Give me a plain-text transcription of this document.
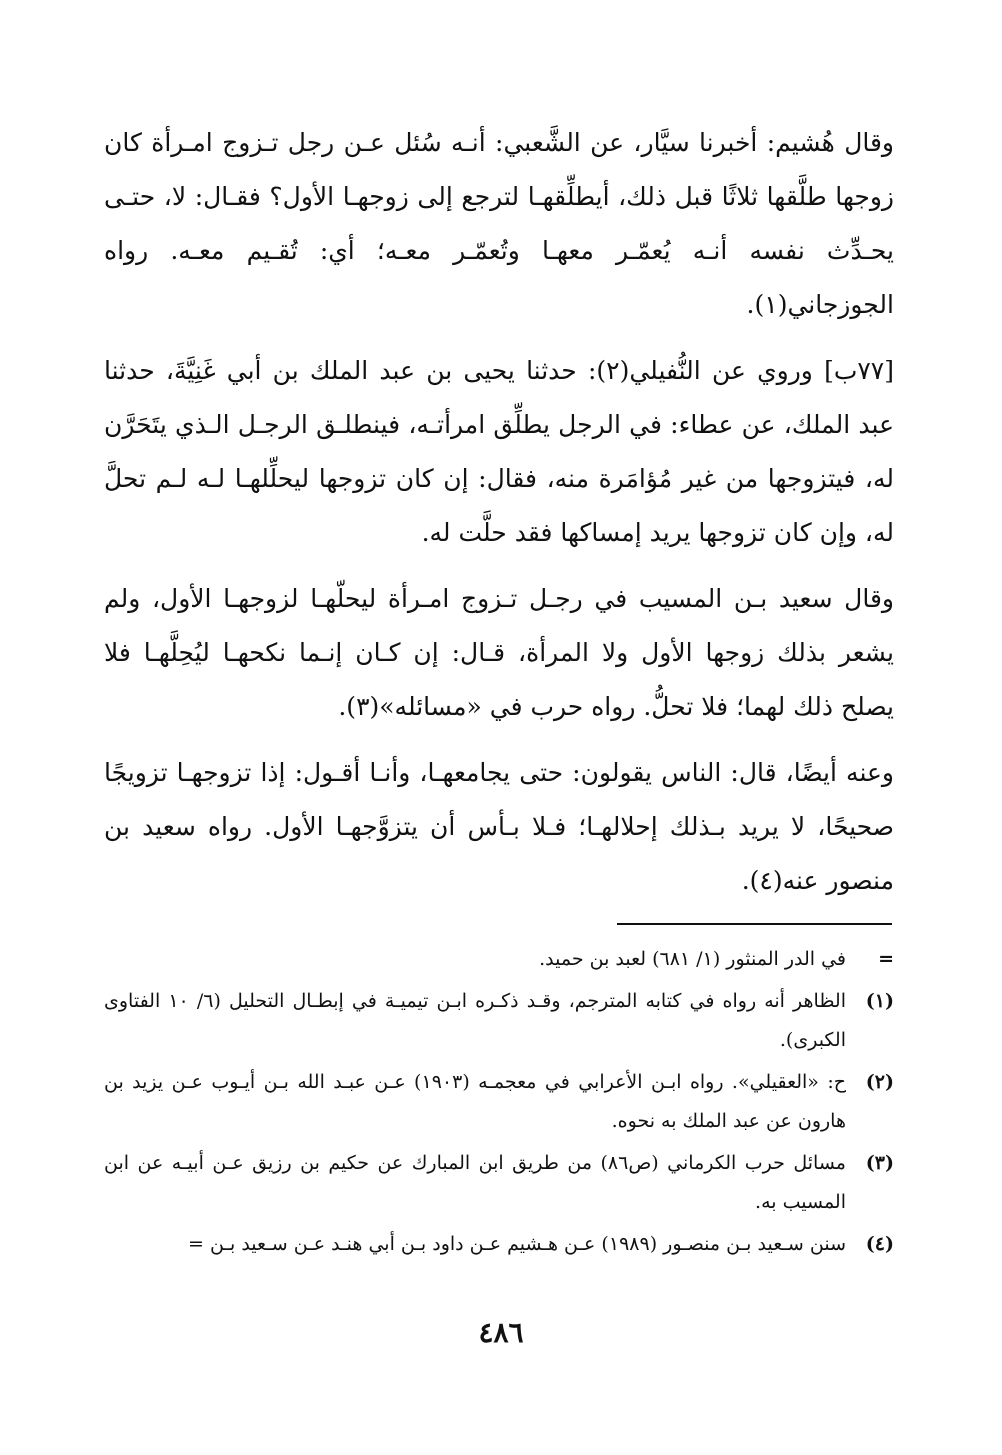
وقال هُشيم: أخبرنا سيَّار، عن الشَّعبي: أنـه سُئل عـن رجل تـزوج امـرأة كان زوجها طلَّقها ثلاثًا قبل ذلك، أيطلِّقهـا لترجع إلى زوجهـا الأول؟ فقـال: لا، حتـى يحـدِّث نفسه أنـه يُعمّـر معهـا وتُعمّـر معـه؛ أي: تُقـيم معـه. رواه الجوزجاني(١).

[٧٧ب] وروي عن النُّفيلي(٢): حدثنا يحيى بن عبد الملك بن أبي غَنِيَّةَ، حدثنا عبد الملك، عن عطاء: في الرجل يطلِّق امرأتـه، فينطلـق الرجـل الـذي يتَحَرَّن له، فيتزوجها من غير مُؤامَرة منه، فقال: إن كان تزوجها ليحلِّلهـا لـه لـم تحلَّ له، وإن كان تزوجها يريد إمساكها فقد حلَّت له.

وقال سعيد بـن المسيب في رجـل تـزوج امـرأة ليحلّهـا لزوجهـا الأول، ولم يشعر بذلك زوجها الأول ولا المرأة، قـال: إن كـان إنـما نكحهـا ليُحِلَّهـا فلا يصلح ذلك لهما؛ فلا تحلُّ. رواه حرب في «مسائله»(٣).

وعنه أيضًا، قال: الناس يقولون: حتى يجامعهـا، وأنـا أقـول: إذا تزوجهـا تزويجًا صحيحًا، لا يريد بـذلك إحلالهـا؛ فـلا بـأس أن يتزوَّجهـا الأول. رواه سعيد بن منصور عنه(٤).

=
في الدر المنثور (١/ ٦٨١) لعبد بن حميد.
(١)
الظاهر أنه رواه في كتابه المترجم، وقـد ذكـره ابـن تيميـة في إبطـال التحليل (٦/ ١٠ الفتاوى الكبرى).
(٢)
ح: «العقيلي». رواه ابـن الأعرابي في معجمـه (١٩٠٣) عـن عبـد الله بـن أيـوب عـن يزيد بن هارون عن عبد الملك به نحوه.
(٣)
مسائل حرب الكرماني (ص٨٦) من طريق ابن المبارك عن حكيم بن رزيق عـن أبيـه عن ابن المسيب به.
(٤)
سنن سـعيد بـن منصـور (١٩٨٩) عـن هـشيم عـن داود بـن أبي هنـد عـن سـعيد بـن =
٤٨٦
